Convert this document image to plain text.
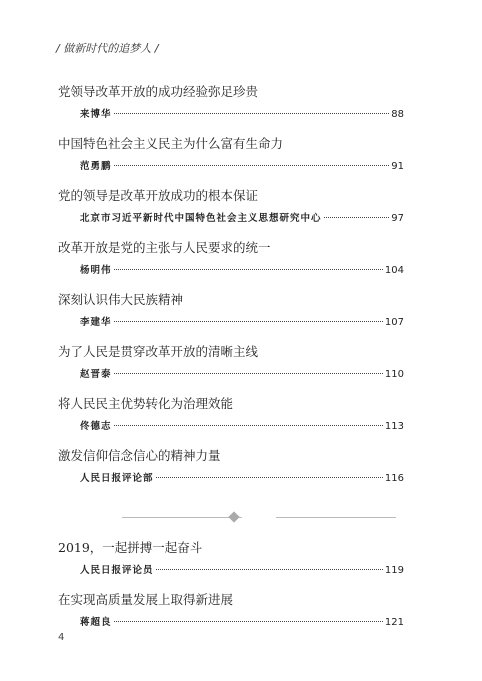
/ 做新时代的追梦人 /
党领导改革开放的成功经验弥足珍贵
来博华	88
中国特色社会主义民主为什么富有生命力
范勇鹏	91
党的领导是改革开放成功的根本保证
北京市习近平新时代中国特色社会主义思想研究中心	97
改革开放是党的主张与人民要求的统一
杨明伟	104
深刻认识伟大民族精神
李建华	107
为了人民是贯穿改革开放的清晰主线
赵晋泰	110
将人民民主优势转化为治理效能
佟德志	113
激发信仰信念信心的精神力量
人民日报评论部	116
2019，一起拼搏一起奋斗
人民日报评论员	119
在实现高质量发展上取得新进展
蒋超良	121
4
